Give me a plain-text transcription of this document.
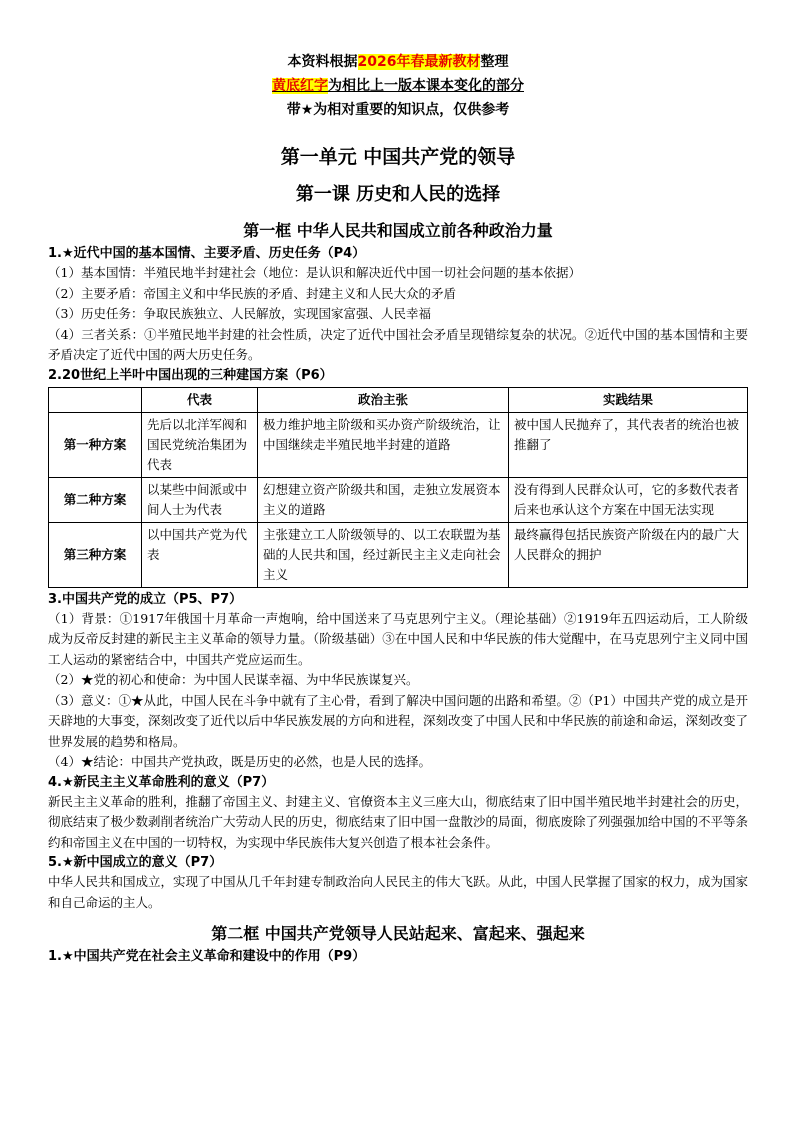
本资料根据2026年春最新教材整理
黄底红字为相比上一版本课本变化的部分
带★为相对重要的知识点，仅供参考
第一单元 中国共产党的领导
第一课 历史和人民的选择
第一框 中华人民共和国成立前各种政治力量
1.★近代中国的基本国情、主要矛盾、历史任务（P4）
（1）基本国情：半殖民地半封建社会（地位：是认识和解决近代中国一切社会问题的基本依据）
（2）主要矛盾：帝国主义和中华民族的矛盾、封建主义和人民大众的矛盾
（3）历史任务：争取民族独立、人民解放，实现国家富强、人民幸福
（4）三者关系：①半殖民地半封建的社会性质，决定了近代中国社会矛盾呈现错综复杂的状况。②近代中国的基本国情和主要矛盾决定了近代中国的两大历史任务。
2.20世纪上半叶中国出现的三种建国方案（P6）
	代表	政治主张	实践结果
第一种方案	先后以北洋军阀和国民党统治集团为代表	极力维护地主阶级和买办资产阶级统治，让中国继续走半殖民地半封建的道路	被中国人民抛弃了，其代表者的统治也被推翻了
第二种方案	以某些中间派或中间人士为代表	幻想建立资产阶级共和国，走独立发展资本主义的道路	没有得到人民群众认可，它的多数代表者后来也承认这个方案在中国无法实现
第三种方案	以中国共产党为代表	主张建立工人阶级领导的、以工农联盟为基础的人民共和国，经过新民主主义走向社会主义	最终赢得包括民族资产阶级在内的最广大人民群众的拥护
3.中国共产党的成立（P5、P7）
（1）背景：①1917年俄国十月革命一声炮响，给中国送来了马克思列宁主义。（理论基础）②1919年五四运动后，工人阶级成为反帝反封建的新民主主义革命的领导力量。（阶级基础）③在中国人民和中华民族的伟大觉醒中，在马克思列宁主义同中国工人运动的紧密结合中，中国共产党应运而生。
（2）★党的初心和使命：为中国人民谋幸福、为中华民族谋复兴。
（3）意义：①★从此，中国人民在斗争中就有了主心骨，看到了解决中国问题的出路和希望。②（P1）中国共产党的成立是开天辟地的大事变，深刻改变了近代以后中华民族发展的方向和进程，深刻改变了中国人民和中华民族的前途和命运，深刻改变了世界发展的趋势和格局。
（4）★结论：中国共产党执政，既是历史的必然，也是人民的选择。
4.★新民主主义革命胜利的意义（P7）
新民主主义革命的胜利，推翻了帝国主义、封建主义、官僚资本主义三座大山，彻底结束了旧中国半殖民地半封建社会的历史，彻底结束了极少数剥削者统治广大劳动人民的历史，彻底结束了旧中国一盘散沙的局面，彻底废除了列强强加给中国的不平等条约和帝国主义在中国的一切特权，为实现中华民族伟大复兴创造了根本社会条件。
5.★新中国成立的意义（P7）
中华人民共和国成立，实现了中国从几千年封建专制政治向人民民主的伟大飞跃。从此，中国人民掌握了国家的权力，成为国家和自己命运的主人。
第二框 中国共产党领导人民站起来、富起来、强起来
1.★中国共产党在社会主义革命和建设中的作用（P9）
